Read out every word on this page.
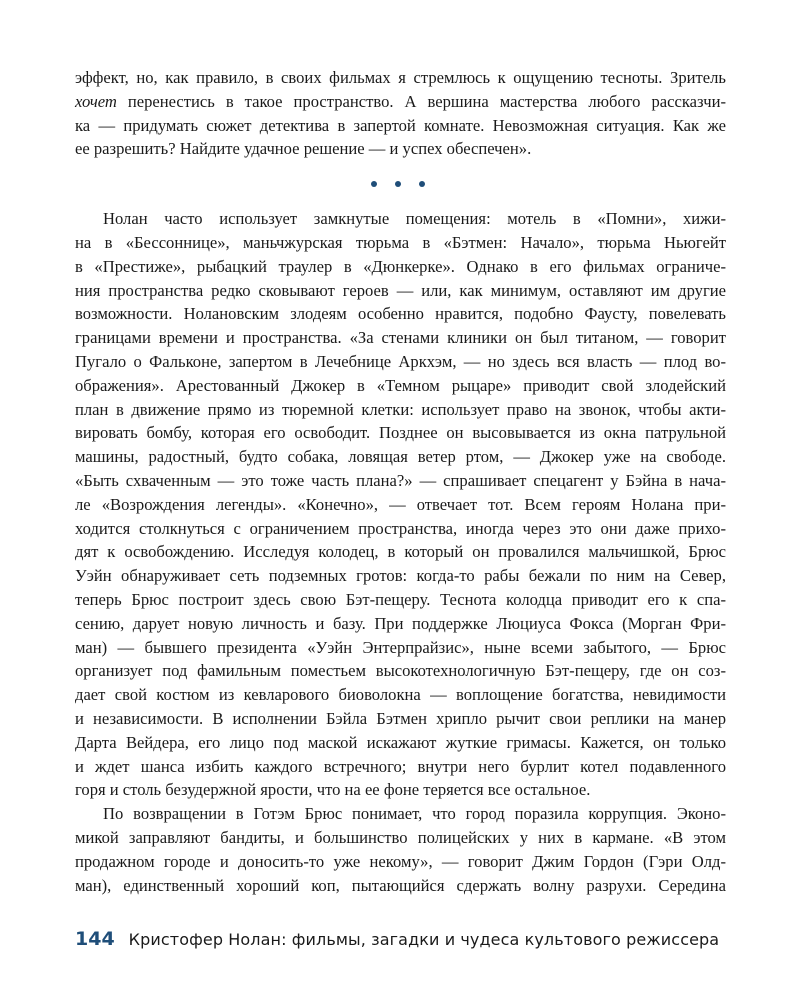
эффект, но, как правило, в своих фильмах я стремлюсь к ощущению тесноты. Зритель
хочет перенестись в такое пространство. А вершина мастерства любого рассказчи-
ка — придумать сюжет детектива в запертой комнате. Невозможная ситуация. Как же
ее разрешить? Найдите удачное решение — и успех обеспечен».
Нолан часто использует замкнутые помещения: мотель в «Помни», хижи-
на в «Бессоннице», маньчжурская тюрьма в «Бэтмен: Начало», тюрьма Ньюгейт
в «Престиже», рыбацкий траулер в «Дюнкерке». Однако в его фильмах ограниче-
ния пространства редко сковывают героев — или, как минимум, оставляют им другие
возможности. Нолановским злодеям особенно нравится, подобно Фаусту, повелевать
границами времени и пространства. «За стенами клиники он был титаном, — говорит
Пугало о Фальконе, запертом в Лечебнице Аркхэм, — но здесь вся власть — плод во-
ображения». Арестованный Джокер в «Темном рыцаре» приводит свой злодейский
план в движение прямо из тюремной клетки: использует право на звонок, чтобы акти-
вировать бомбу, которая его освободит. Позднее он высовывается из окна патрульной
машины, радостный, будто собака, ловящая ветер ртом, — Джокер уже на свободе.
«Быть схваченным — это тоже часть плана?» — спрашивает спецагент у Бэйна в нача-
ле «Возрождения легенды». «Конечно», — отвечает тот. Всем героям Нолана при-
ходится столкнуться с ограничением пространства, иногда через это они даже прихо-
дят к освобождению. Исследуя колодец, в который он провалился мальчишкой, Брюс
Уэйн обнаруживает сеть подземных гротов: когда-то рабы бежали по ним на Север,
теперь Брюс построит здесь свою Бэт-пещеру. Теснота колодца приводит его к спа-
сению, дарует новую личность и базу. При поддержке Люциуса Фокса (Морган Фри-
ман) — бывшего президента «Уэйн Энтерпрайзис», ныне всеми забытого, — Брюс
организует под фамильным поместьем высокотехнологичную Бэт-пещеру, где он соз-
дает свой костюм из кевларового биоволокна — воплощение богатства, невидимости
и независимости. В исполнении Бэйла Бэтмен хрипло рычит свои реплики на манер
Дарта Вейдера, его лицо под маской искажают жуткие гримасы. Кажется, он только
и ждет шанса избить каждого встречного; внутри него бурлит котел подавленного
горя и столь безудержной ярости, что на ее фоне теряется все остальное.
По возвращении в Готэм Брюс понимает, что город поразила коррупция. Эконо-
микой заправляют бандиты, и большинство полицейских у них в кармане. «В этом
продажном городе и доносить-то уже некому», — говорит Джим Гордон (Гэри Олд-
ман), единственный хороший коп, пытающийся сдержать волну разрухи. Середина
144 Кристофер Нолан: фильмы, загадки и чудеса культового режиссера
